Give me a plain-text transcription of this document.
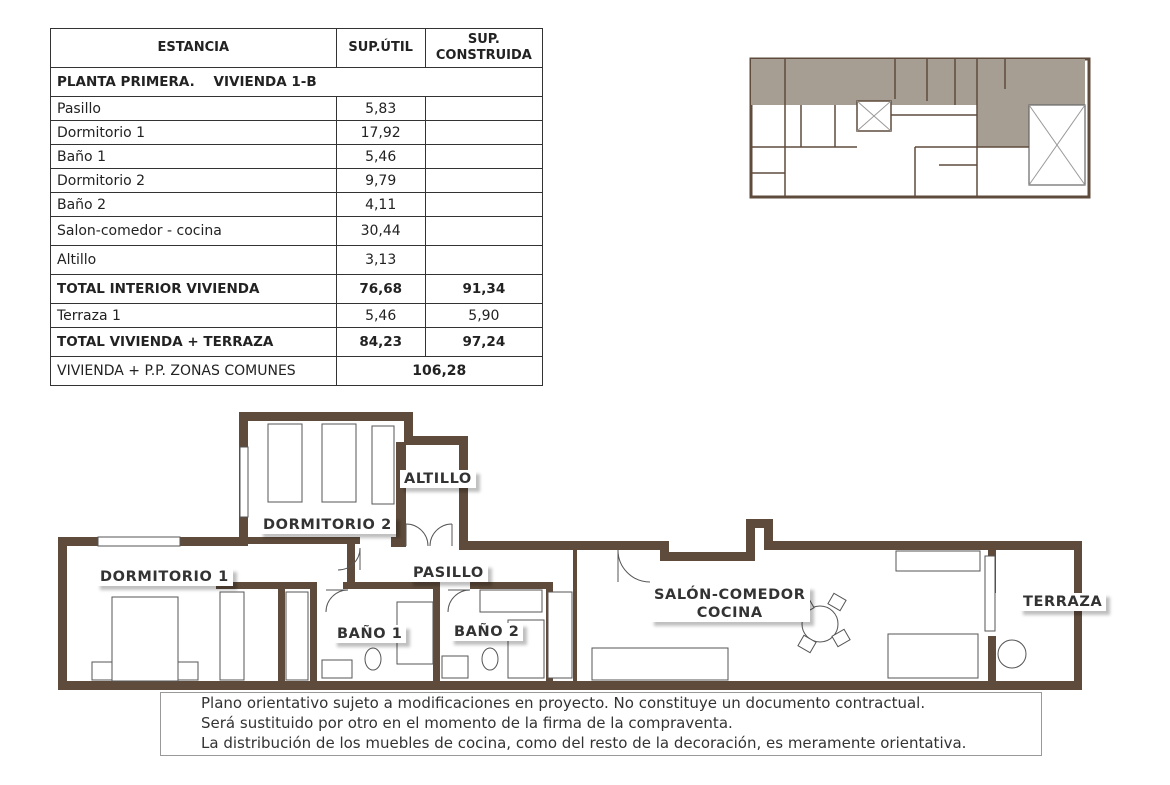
ESTANCIA	SUP.ÚTIL	SUP.
CONSTRUIDA
PLANTA PRIMERA.    VIVIENDA 1-B		
Pasillo	5,83	
Dormitorio 1	17,92	
Baño 1	5,46	
Dormitorio 2	9,79	
Baño 2	4,11	
Salon-comedor - cocina	30,44	
Altillo	3,13	
TOTAL INTERIOR VIVIENDA	76,68	91,34
Terraza 1	5,46	5,90
TOTAL VIVIENDA + TERRAZA	84,23	97,24
VIVIENDA + P.P. ZONAS COMUNES	106,28	
ALTILLO
DORMITORIO 2
DORMITORIO 1	PASILLO
SALÓN-COMEDOR
COCINA
TERRAZA
BAÑO 1	BAÑO 2
Plano orientativo sujeto a modificaciones en proyecto. No constituye un documento contractual.
Será sustituido por otro en el momento de la firma de la compraventa.
La distribución de los muebles de cocina, como del resto de la decoración, es meramente orientativa.
